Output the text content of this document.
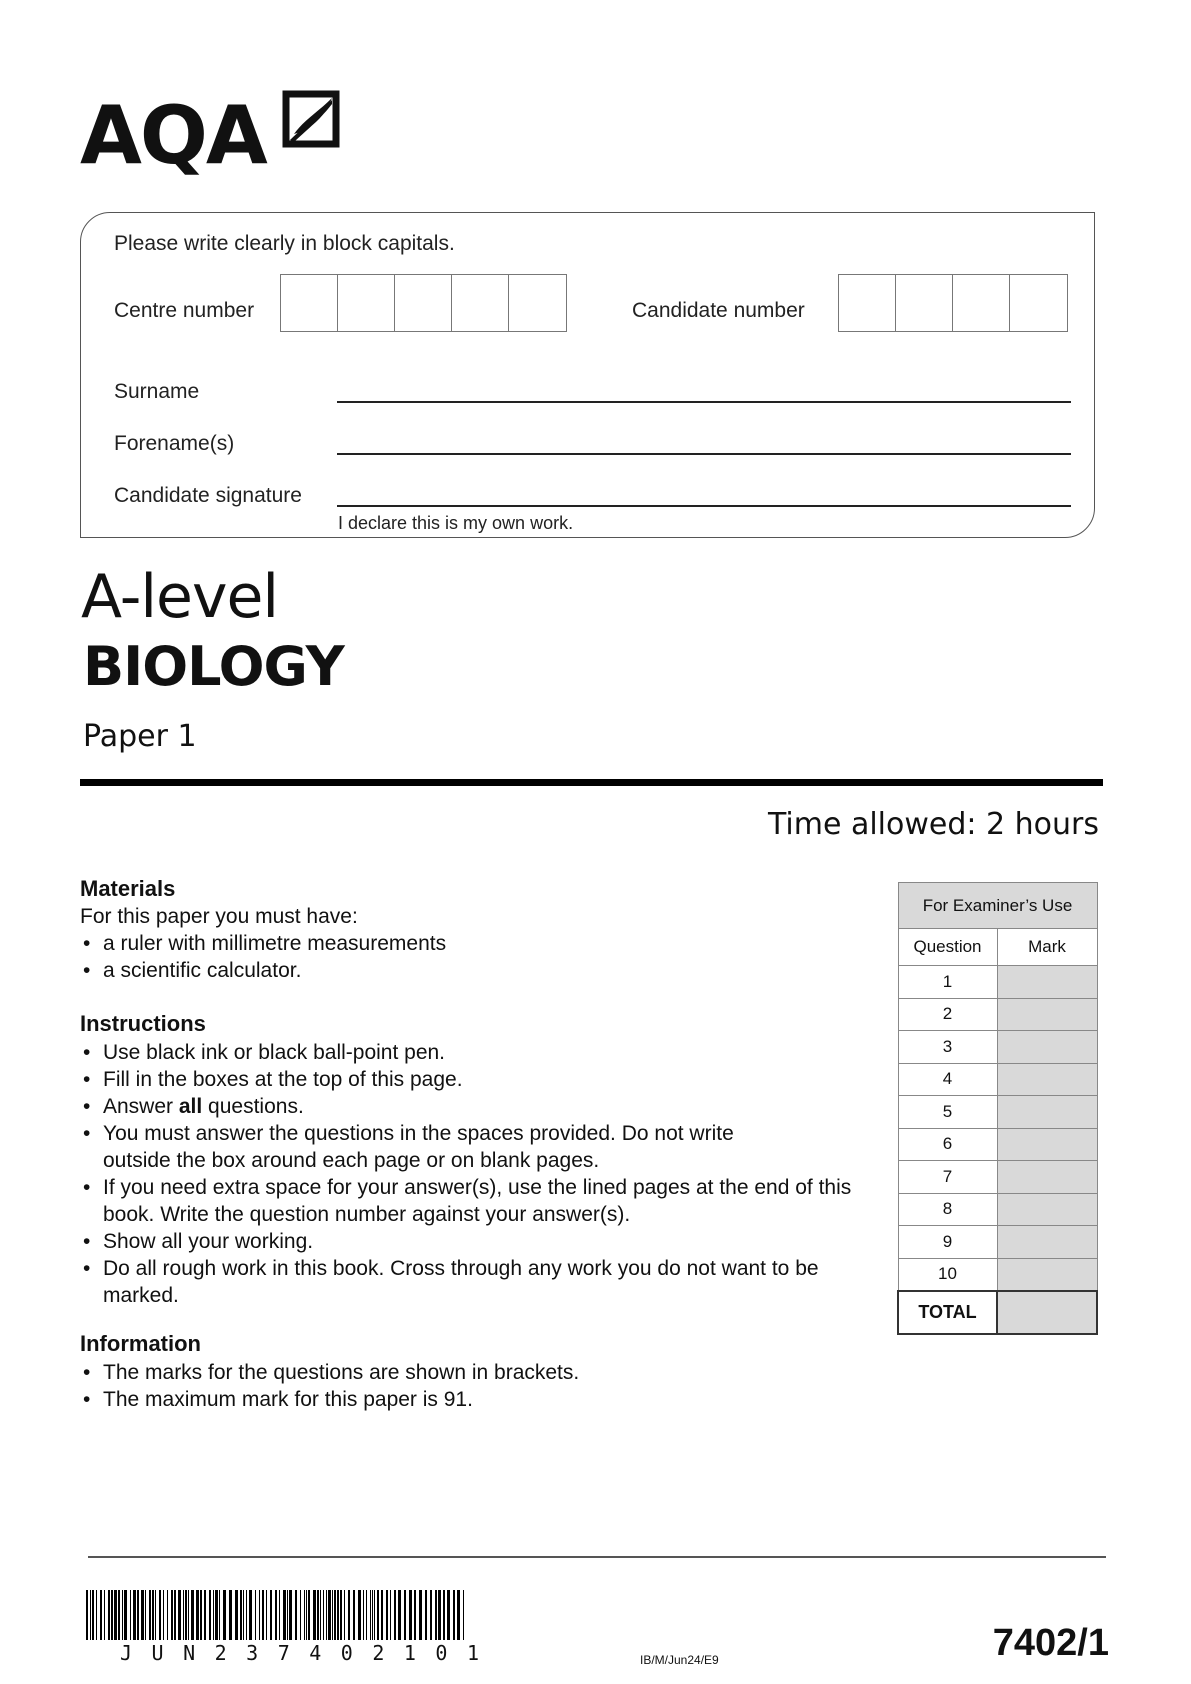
AQA
Please write clearly in block capitals.
Centre number	Candidate number
Surname
Forename(s)
Candidate signature
I declare this is my own work.
A-level
BIOLOGY
Paper 1
Time allowed: 2 hours
Materials
For this paper you must have:
• a ruler with millimetre measurements
• a scientific calculator.
Instructions
• Use black ink or black ball-point pen.
• Fill in the boxes at the top of this page.
• Answer all questions.
• You must answer the questions in the spaces provided. Do not write outside the box around each page or on blank pages.
• If you need extra space for your answer(s), use the lined pages at the end of this book. Write the question number against your answer(s).
• Show all your working.
• Do all rough work in this book. Cross through any work you do not want to be marked.
Information
• The marks for the questions are shown in brackets.
• The maximum mark for this paper is 91.
For Examiner’s Use	
Question	Mark
1	
2	
3	
4	
5	
6	
7	
8	
9	
10	
TOTAL	
JUN237402101	IB/M/Jun24/E9	7402/1
